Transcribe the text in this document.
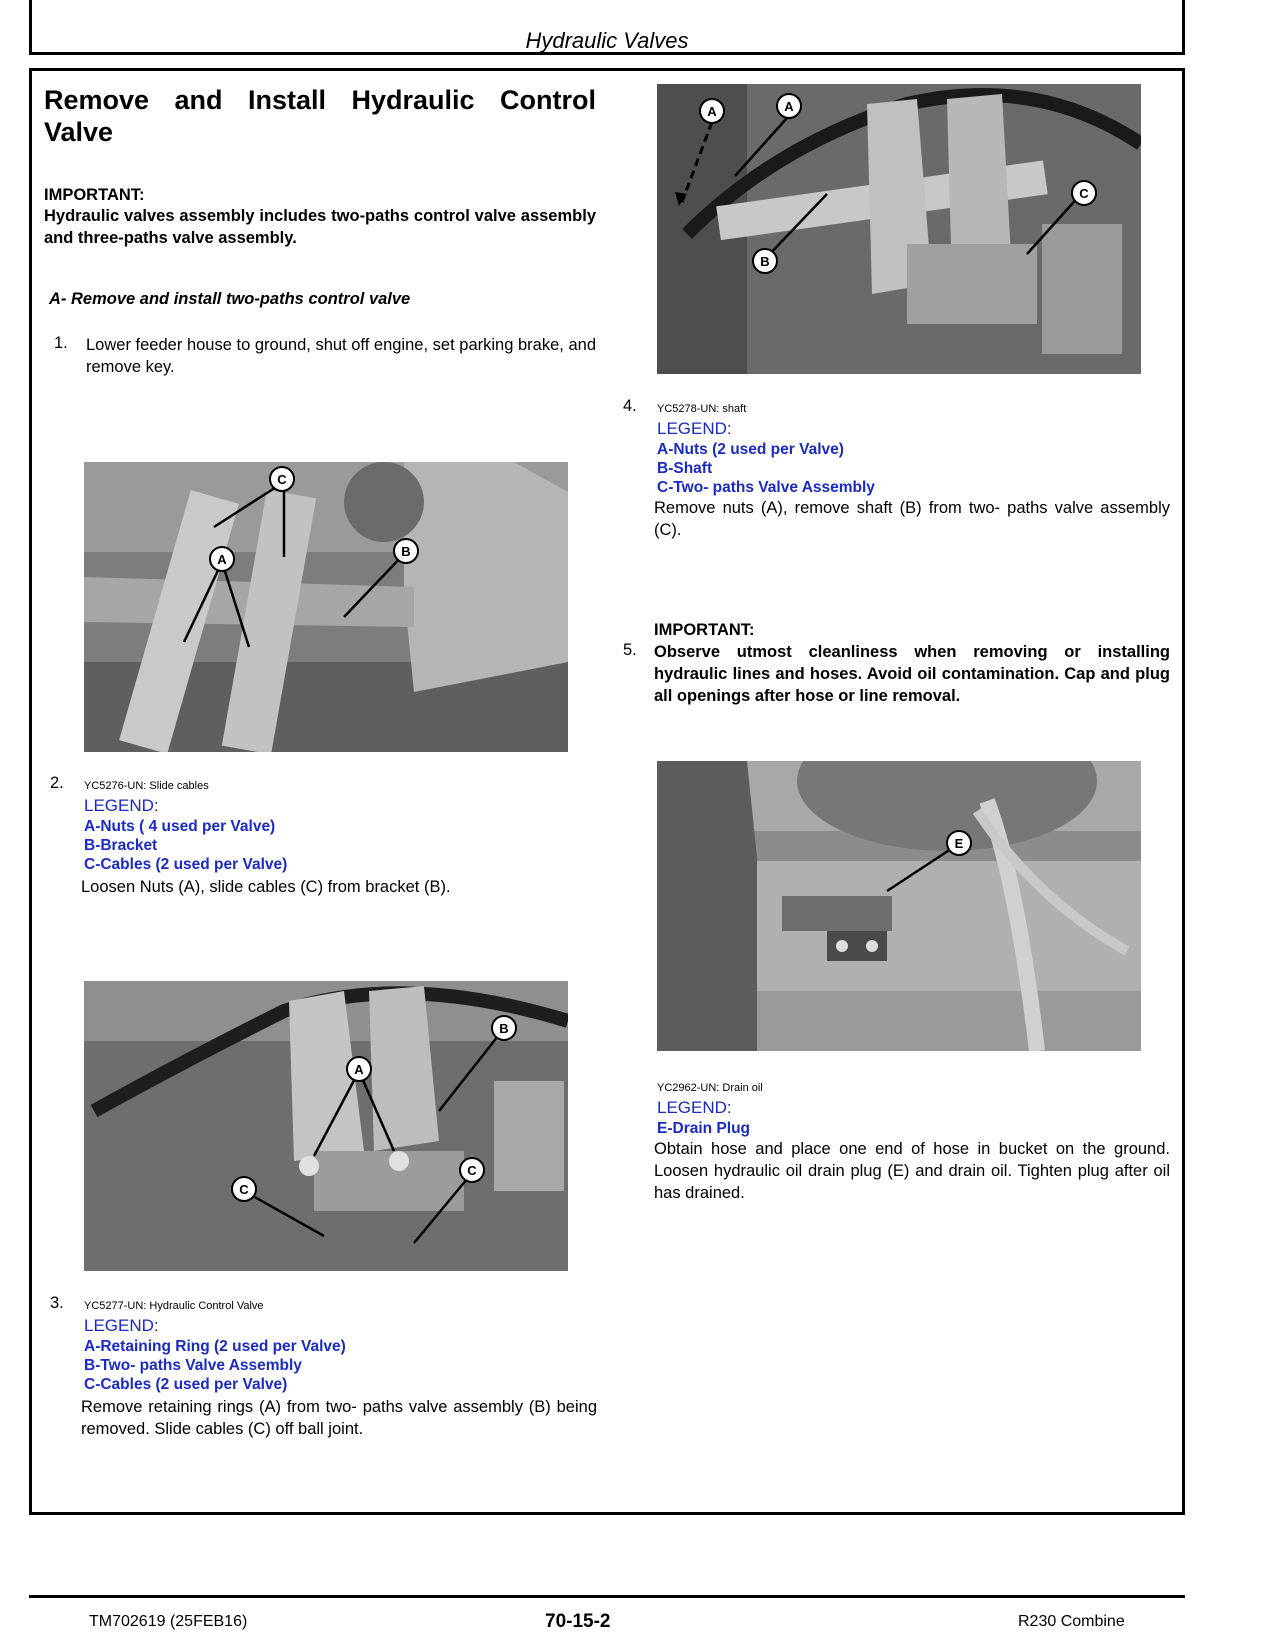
Hydraulic Valves
Remove and Install Hydraulic Control
Valve
IMPORTANT:
Hydraulic valves assembly includes two-paths control valve assembly and three-paths valve assembly.
A- Remove and install two-paths control valve
1. Lower feeder house to ground, shut off engine, set parking brake, and remove key.
C
A
B
2. YC5276-UN: Slide cables
LEGEND:
A-Nuts ( 4 used per Valve)
B-Bracket
C-Cables (2 used per Valve)
Loosen Nuts (A), slide cables (C) from bracket (B).
A
B
C
C
3. YC5277-UN: Hydraulic Control Valve
LEGEND:
A-Retaining Ring (2 used per Valve)
B-Two- paths Valve Assembly
C-Cables (2 used per Valve)
Remove retaining rings (A) from two- paths valve assembly (B) being removed. Slide cables (C) off ball joint.
A	A
B
C
4. YC5278-UN: shaft
LEGEND:
A-Nuts (2 used per Valve)
B-Shaft
C-Two- paths Valve Assembly
Remove nuts (A), remove shaft (B) from two- paths valve assembly (C).
IMPORTANT:
5. Observe utmost cleanliness when removing or installing hydraulic lines and hoses. Avoid oil contamination. Cap and plug all openings after hose or line removal.
E
YC2962-UN: Drain oil
LEGEND:
E-Drain Plug
Obtain hose and place one end of hose in bucket on the ground. Loosen hydraulic oil drain plug (E) and drain oil. Tighten plug after oil has drained.
TM702619 (25FEB16)	70-15-2	R230 Combine
